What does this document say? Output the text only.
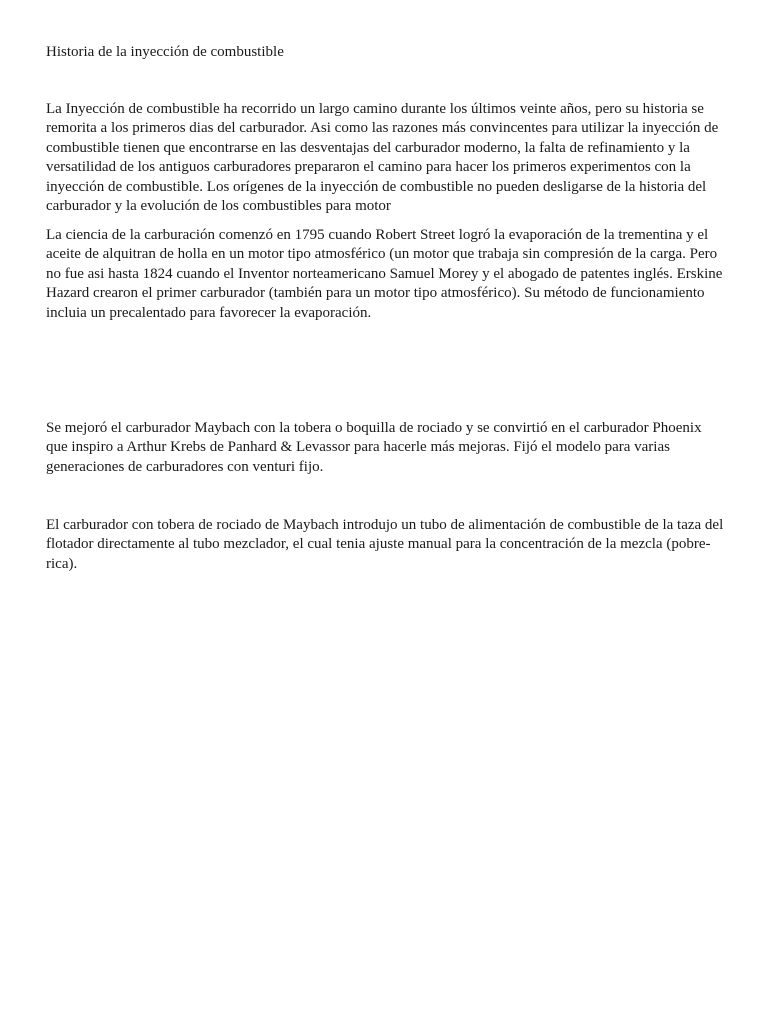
Historia de la inyección de combustible

La Inyección de combustible ha recorrido un largo camino durante los últimos veinte años, pero su historia se remorita a los primeros dias del carburador. Asi como las razones más convincentes para utilizar la inyección de combustible tienen que encontrarse en las desventajas del carburador moderno, la falta de refinamiento y la versatilidad de los antiguos carburadores prepararon el camino para hacer los primeros experimentos con la inyección de combustible. Los orígenes de la inyección de combustible no pueden desligarse de la historia del carburador y la evolución de los combustibles para motor

La ciencia de la carburación comenzó en 1795 cuando Robert Street logró la evaporación de la trementina y el aceite de alquitran de holla en un motor tipo atmosférico (un motor que trabaja sin compresión de la carga. Pero no fue asi hasta 1824 cuando el Inventor norteamericano Samuel Morey y el abogado de patentes inglés. Erskine Hazard crearon el primer carburador (también para un motor tipo atmosférico). Su método de funcionamiento incluia un precalentado para favorecer la evaporación.

Se mejoró el carburador Maybach con la tobera o boquilla de rociado y se convirtió en el carburador Phoenix que inspiro a Arthur Krebs de Panhard & Levassor para hacerle más mejoras. Fijó el modelo para varias generaciones de carburadores con venturi fijo.

El carburador con tobera de rociado de Maybach introdujo un tubo de alimentación de combustible de la taza del flotador directamente al tubo mezclador, el cual tenia ajuste manual para la concentración de la mezcla (pobre-rica).
